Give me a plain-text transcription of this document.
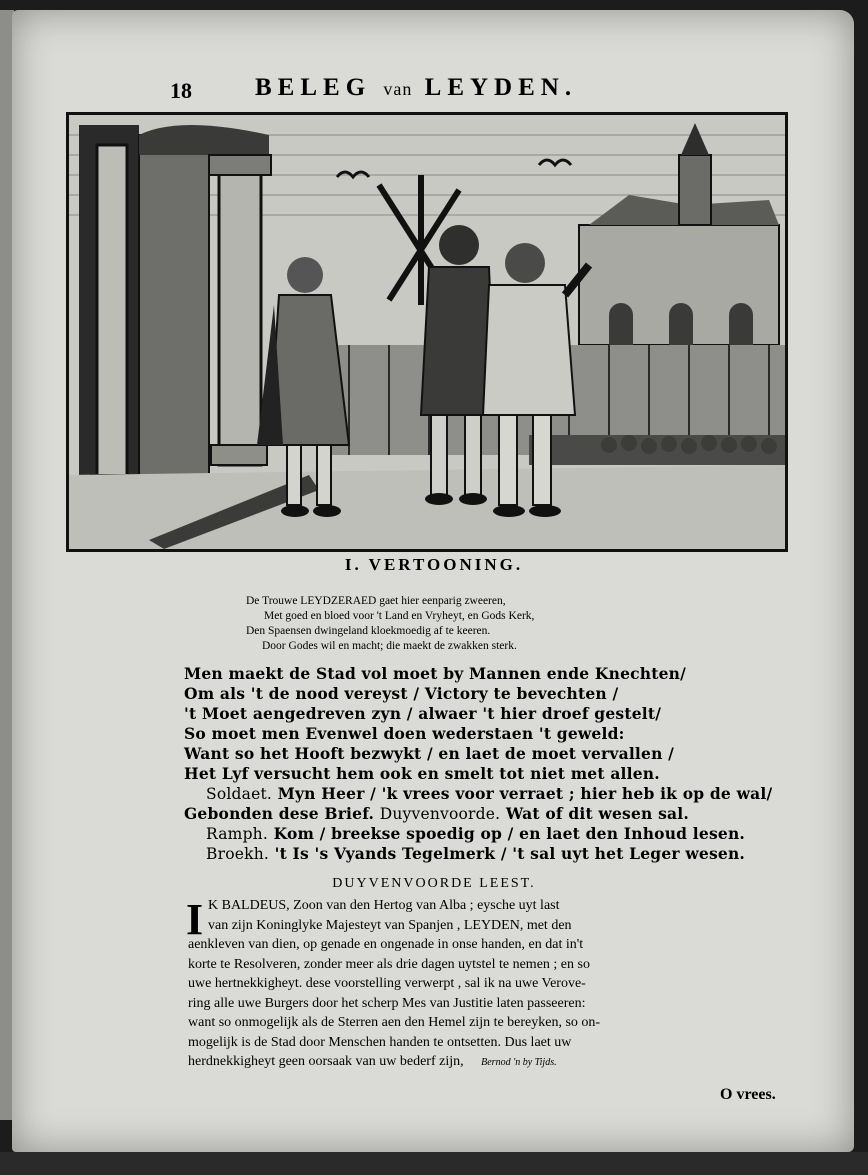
18	BELEG van LEYDEN.
I. VERTOONING.
De Trouwe LEYDZERAED gaet hier eenparig zweeren,
Met goed en bloed voor 't Land en Vryheyt, en Gods Kerk,
Den Spaensen dwingeland kloekmoedig af te keeren.
Door Godes wil en macht; die maekt de zwakken sterk.
Men maekt de Stad vol moet by Mannen ende Knechten/
Om als 't de nood vereyst / Victory te bevechten /
't Moet aengedreven zyn / alwaer 't hier droef gestelt/
So moet men Evenwel doen wederstaen 't geweld:
Want so het Hooft bezwykt / en laet de moet vervallen /
Het Lyf versucht hem ook en smelt tot niet met allen.
Soldaet. Myn Heer / 'k vrees voor verraet ; hier heb ik op de wal/
Gebonden dese Brief. Duyvenvoorde. Wat of dit wesen sal.
Ramph. Kom / breekse spoedig op / en laet den Inhoud lesen.
Broekh. 't Is 's Vyands Tegelmerk / 't sal uyt het Leger wesen.
DUYVENVOORDE LEEST.
I K BALDEUS, Zoon van den Hertog van Alba ; eysche uyt last
van zijn Koninglyke Majesteyt van Spanjen , LEYDEN, met den
aenkleven van dien, op genade en ongenade in onse handen, en dat in't
korte te Resolveren, zonder meer als drie dagen uytstel te nemen ; en so
uwe hertnekkigheyt. dese voorstelling verwerpt , sal ik na uwe Verove-
ring alle uwe Burgers door het scherp Mes van Justitie laten passeeren:
want so onmogelijk als de Sterren aen den Hemel zijn te bereyken, so on-
mogelijk is de Stad door Menschen handen te ontsetten. Dus laet uw
herdnekkigheyt geen oorsaak van uw bederf zijn, Bernod 'n by Tijds.
O vrees.
